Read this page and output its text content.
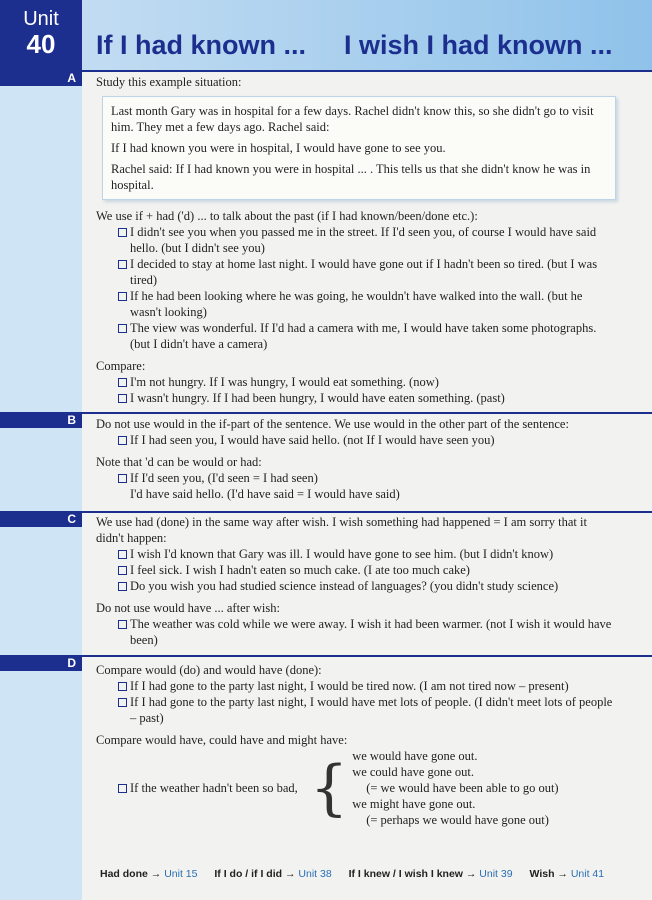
Unit
40	If I had known ... I wish I had known ...
A
B
C
D

Study this example situation:

Last month Gary was in hospital for a few days. Rachel didn't know this, so she didn't go to visit him. They met a few days ago. Rachel said:

If I had known you were in hospital, I would have gone to see you.

Rachel said: If I had known you were in hospital ... . This tells us that she didn't know he was in hospital.

We use if + had ('d) ... to talk about the past (if I had known/been/done etc.):

I didn't see you when you passed me in the street. If I'd seen you, of course I would have said hello. (but I didn't see you)

I decided to stay at home last night. I would have gone out if I hadn't been so tired. (but I was tired)

If he had been looking where he was going, he wouldn't have walked into the wall. (but he wasn't looking)

The view was wonderful. If I'd had a camera with me, I would have taken some photographs. (but I didn't have a camera)

Compare:

I'm not hungry. If I was hungry, I would eat something. (now)

I wasn't hungry. If I had been hungry, I would have eaten something. (past)

Do not use would in the if-part of the sentence. We use would in the other part of the sentence:

If I had seen you, I would have said hello. (not If I would have seen you)

Note that 'd can be would or had:

If I'd seen you, (I'd seen = I had seen)

I'd have said hello. (I'd have said = I would have said)

We use had (done) in the same way after wish. I wish something had happened = I am sorry that it didn't happen:

I wish I'd known that Gary was ill. I would have gone to see him. (but I didn't know)

I feel sick. I wish I hadn't eaten so much cake. (I ate too much cake)

Do you wish you had studied science instead of languages? (you didn't study science)

Do not use would have ... after wish:

The weather was cold while we were away. I wish it had been warmer. (not I wish it would have been)

Compare would (do) and would have (done):

If I had gone to the party last night, I would be tired now. (I am not tired now – present)

If I had gone to the party last night, I would have met lots of people. (I didn't meet lots of people – past)

Compare would have, could have and might have:

If the weather hadn't been so bad, { we would have gone out.

we could have gone out.

(= we would have been able to go out)

we might have gone out.

(= perhaps we would have gone out)

Had done → Unit 15 If I do / if I did → Unit 38 If I knew / I wish I knew → Unit 39 Wish → Unit 41
